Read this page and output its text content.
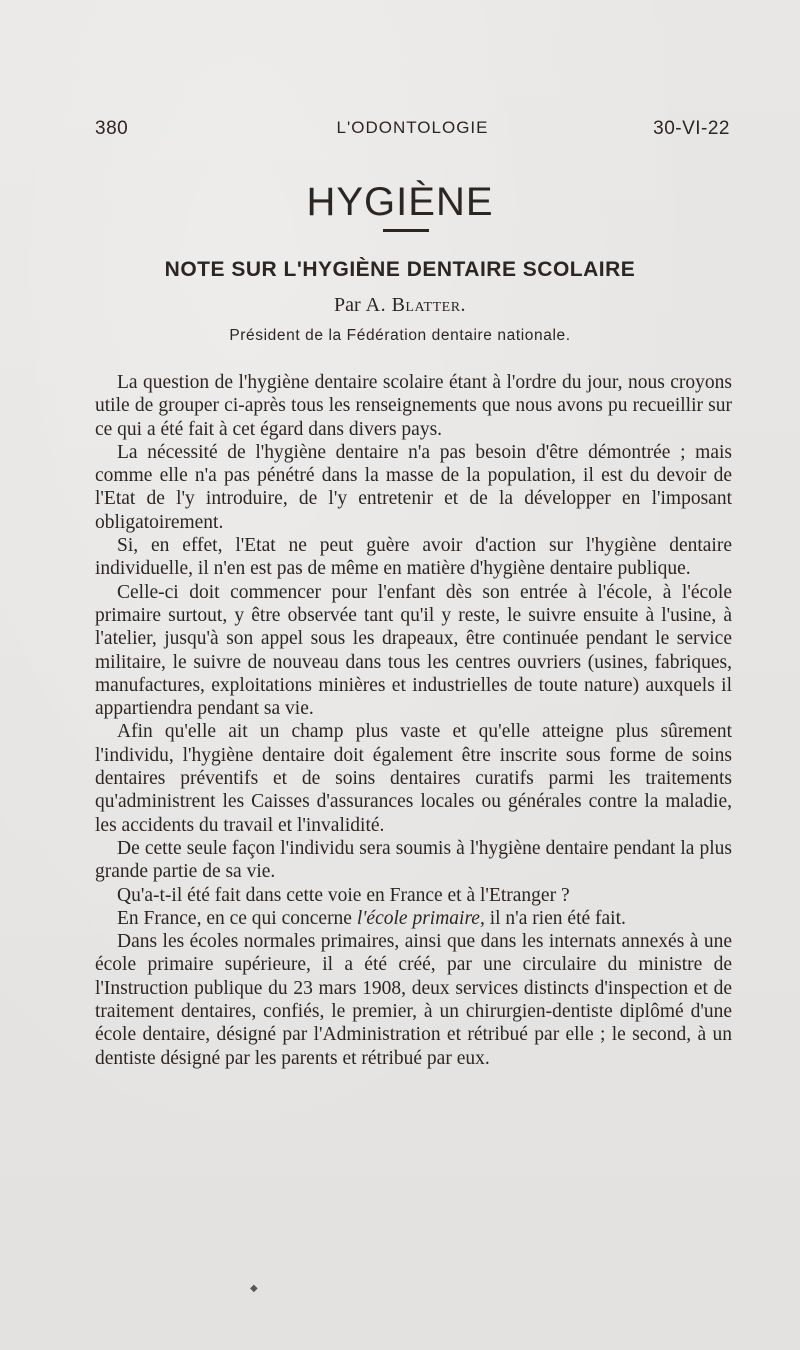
380	L'ODONTOLOGIE	30-VI-22
HYGIÈNE
NOTE SUR L'HYGIÈNE DENTAIRE SCOLAIRE
Par A. Blatter.
Président de la Fédération dentaire nationale.

La question de l'hygiène dentaire scolaire étant à l'ordre du jour, nous croyons utile de grouper ci-après tous les renseignements que nous avons pu recueillir sur ce qui a été fait à cet égard dans divers pays.

La nécessité de l'hygiène dentaire n'a pas besoin d'être démontrée ; mais comme elle n'a pas pénétré dans la masse de la population, il est du devoir de l'Etat de l'y introduire, de l'y entretenir et de la développer en l'imposant obligatoirement.

Si, en effet, l'Etat ne peut guère avoir d'action sur l'hygiène dentaire individuelle, il n'en est pas de même en matière d'hygiène dentaire publique.

Celle-ci doit commencer pour l'enfant dès son entrée à l'école, à l'école primaire surtout, y être observée tant qu'il y reste, le suivre ensuite à l'usine, à l'atelier, jusqu'à son appel sous les drapeaux, être continuée pendant le service militaire, le suivre de nouveau dans tous les centres ouvriers (usines, fabriques, manufactures, exploitations minières et industrielles de toute nature) auxquels il appartiendra pendant sa vie.

Afin qu'elle ait un champ plus vaste et qu'elle atteigne plus sûrement l'individu, l'hygiène dentaire doit également être inscrite sous forme de soins dentaires préventifs et de soins dentaires curatifs parmi les traitements qu'administrent les Caisses d'assurances locales ou générales contre la maladie, les accidents du travail et l'invalidité.

De cette seule façon l'individu sera soumis à l'hygiène dentaire pendant la plus grande partie de sa vie.

Qu'a-t-il été fait dans cette voie en France et à l'Etranger ?

En France, en ce qui concerne l'école primaire, il n'a rien été fait.

Dans les écoles normales primaires, ainsi que dans les internats annexés à une école primaire supérieure, il a été créé, par une circulaire du ministre de l'Instruction publique du 23 mars 1908, deux services distincts d'inspection et de traitement dentaires, confiés, le premier, à un chirurgien-dentiste diplômé d'une école dentaire, désigné par l'Administration et rétribué par elle ; le second, à un dentiste désigné par les parents et rétribué par eux.

◆
